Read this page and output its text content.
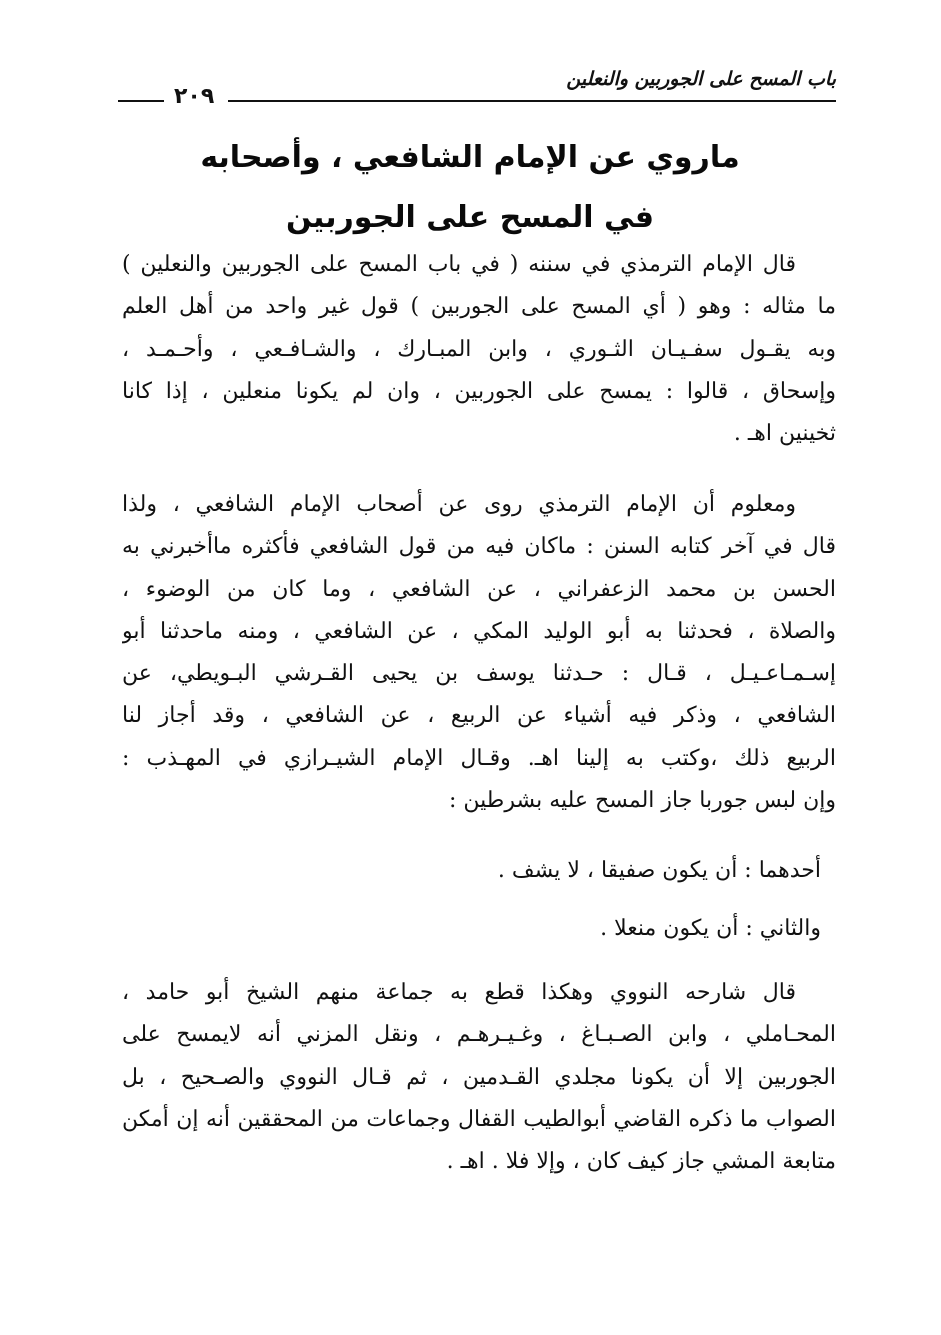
باب المسح على الجوربين والنعلين
٢٠٩
ماروي عن الإمام الشافعي ، وأصحابه
في المسح على الجوربين
قال الإمام الترمذي في سننه ( في باب المسح على الجوربين والنعلين )
ما مثاله : وهو ( أي المسح على الجوربين ) قول غير واحد من أهل العلم
وبه يقـول سفـيـان الثـوري ، وابن المبـارك ، والشـافـعي ، وأحـمـد ،
وإسحاق ، قالوا : يمسح على الجوربين ، وان لم يكونا منعلين ، إذا كانا
ثخينين اهـ .
ومعلوم أن الإمام الترمذي روى عن أصحاب الإمام الشافعي ، ولذا
قال في آخر كتابه السنن : ماكان فيه من قول الشافعي فأكثره ماأخبرني به
الحسن بن محمد الزعفراني ، عن الشافعي ، وما كان من الوضوء ،
والصلاة ، فحدثنا به أبو الوليد المكي ، عن الشافعي ، ومنه ماحدثنا أبو
إسـمـاعـيـل ، قـال : حـدثنا يوسف بن يحيى القـرشي البـويطي، عن
الشافعي ، وذكر فيه أشياء عن الربيع ، عن الشافعي ، وقد أجاز لنا
الربيع ذلك ،وكتب به إلينا اهـ. وقـال الإمام الشيـرازي في المهـذب :
وإن لبس جوربا جاز المسح عليه بشرطين :
أحدهما : أن يكون صفيقا ، لا يشف .
والثاني : أن يكون منعلا .
قال شارحه النووي وهكذا قطع به جماعة منهم الشيخ أبو حامد ،
المحـاملي ، وابن الصـبـاغ ، وغـيـرهـم ، ونقل المزني أنه لايمسح على
الجوربين إلا أن يكونا مجلدي القـدمين ، ثم قـال النووي والصـحيح ، بل
الصواب ما ذكره القاضي أبوالطيب القفال وجماعات من المحققين أنه إن أمكن
متابعة المشي جاز كيف كان ، وإلا فلا . اهـ .
